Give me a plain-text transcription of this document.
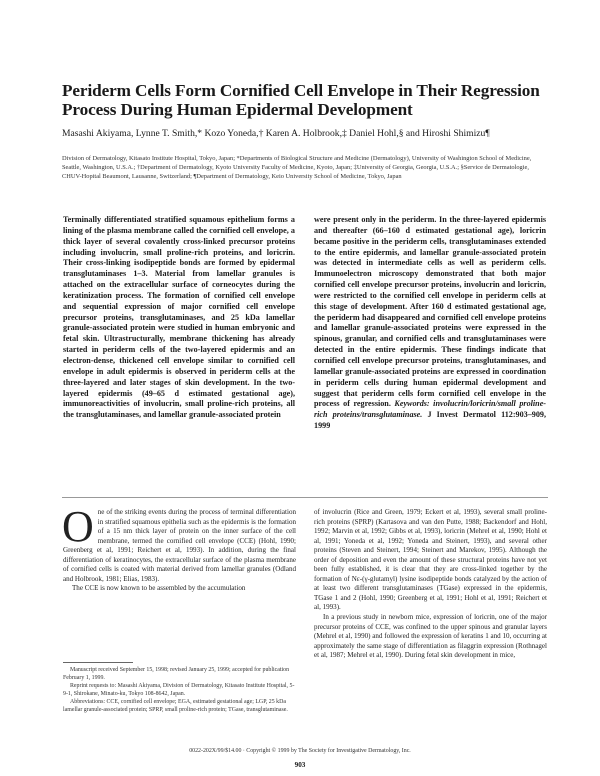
Periderm Cells Form Cornified Cell Envelope in Their Regression Process During Human Epidermal Development
Masashi Akiyama, Lynne T. Smith,* Kozo Yoneda,† Karen A. Holbrook,‡ Daniel Hohl,§ and Hiroshi Shimizu¶
Division of Dermatology, Kitasato Institute Hospital, Tokyo, Japan; *Departments of Biological Structure and Medicine (Dermatology), University of Washington School of Medicine, Seattle, Washington, U.S.A.; †Department of Dermatology, Kyoto University Faculty of Medicine, Kyoto, Japan; ‡University of Georgia, Georgia, U.S.A.; §Service de Dermatologie, CHUV-Hopital Beaumont, Lausanne, Switzerland; ¶Department of Dermatology, Keio University School of Medicine, Tokyo, Japan
Terminally differentiated stratified squamous epithelium forms a lining of the plasma membrane called the cornified cell envelope, a thick layer of several covalently cross-linked precursor proteins including involucrin, small proline-rich proteins, and loricrin. Their cross-linking isodipeptide bonds are formed by epidermal transglutaminases 1–3. Material from lamellar granules is attached on the extracellular surface of corneocytes during the keratinization process. The formation of cornified cell envelope and sequential expression of major cornified cell envelope precursor proteins, transglutaminases, and 25 kDa lamellar granule-associated protein were studied in human embryonic and fetal skin. Ultrastructurally, membrane thickening has already started in periderm cells of the two-layered epidermis and an electron-dense, thickened cell envelope similar to cornified cell envelope in adult epidermis is observed in periderm cells at the three-layered and later stages of skin development. In the two-layered epidermis (49–65 d estimated gestational age), immunoreactivities of involucrin, small proline-rich proteins, all the transglutaminases, and lamellar granule-associated protein
were present only in the periderm. In the three-layered epidermis and thereafter (66–160 d estimated gestational age), loricrin became positive in the periderm cells, transglutaminases extended to the entire epidermis, and lamellar granule-associated protein was detected in intermediate cells as well as periderm cells. Immunoelectron microscopy demonstrated that both major cornified cell envelope precursor proteins, involucrin and loricrin, were restricted to the cornified cell envelope in periderm cells at this stage of development. After 160 d estimated gestational age, the periderm had disappeared and cornified cell envelope proteins and lamellar granule-associated proteins were expressed in the spinous, granular, and cornified cells and transglutaminases were detected in the entire epidermis. These findings indicate that cornified cell envelope precursor proteins, transglutaminases, and lamellar granule-associated proteins are expressed in coordination in periderm cells during human epidermal development and suggest that periderm cells form cornified cell envelope in the process of regression. Keywords: involucrin/loricrin/small proline-rich proteins/transglutaminase. J Invest Dermatol 112:903–909, 1999

One of the striking events during the process of terminal differentiation in stratified squamous epithelia such as the epidermis is the formation of a 15 nm thick layer of protein on the inner surface of the cell membrane, termed the cornified cell envelope (CCE) (Hohl, 1990; Greenberg et al, 1991; Reichert et al, 1993). In addition, during the final differentiation of keratinocytes, the extracellular surface of the plasma membrane of cornified cells is coated with material derived from lamellar granules (Odland and Holbrook, 1981; Elias, 1983).

The CCE is now known to be assembled by the accumulation

of involucrin (Rice and Green, 1979; Eckert et al, 1993), several small proline-rich proteins (SPRP) (Kartasova and van den Putte, 1988; Backendorf and Hohl, 1992; Marvin et al, 1992; Gibbs et al, 1993), loricrin (Mehrel et al, 1990; Hohl et al, 1991; Yoneda et al, 1992; Yoneda and Steinert, 1993), and several other proteins (Steven and Steinert, 1994; Steinert and Marekov, 1995). Although the order of deposition and even the amount of these structural proteins have not yet been fully established, it is clear that they are cross-linked together by the formation of Nε-(γ-glutamyl) lysine isodipeptide bonds catalyzed by the action of at least two different transglutaminases (TGase) expressed in the epidermis, TGase 1 and 2 (Hohl, 1990; Greenberg et al, 1991; Hohl et al, 1991; Reichert et al, 1993).

In a previous study in newborn mice, expression of loricrin, one of the major precursor proteins of CCE, was confined to the upper spinous and granular layers (Mehrel et al, 1990) and followed the expression of keratins 1 and 10, occurring at approximately the same stage of differentiation as filaggrin expression (Rothnagel et al, 1987; Mehrel et al, 1990). During fetal skin development in mice,

Manuscript received September 15, 1998; revised January 25, 1999; accepted for publication February 1, 1999.

Reprint requests to: Masashi Akiyama, Division of Dermatology, Kitasato Institute Hospital, 5-9-1, Shirokane, Minato-ku, Tokyo 108-8642, Japan.

Abbreviations: CCE, cornified cell envelope; EGA, estimated gestational age; LGP, 25 kDa lamellar granule-associated protein; SPRP, small proline-rich protein; TGase, transglutaminase.

0022-202X/99/$14.00 · Copyright © 1999 by The Society for Investigative Dermatology, Inc.
903
